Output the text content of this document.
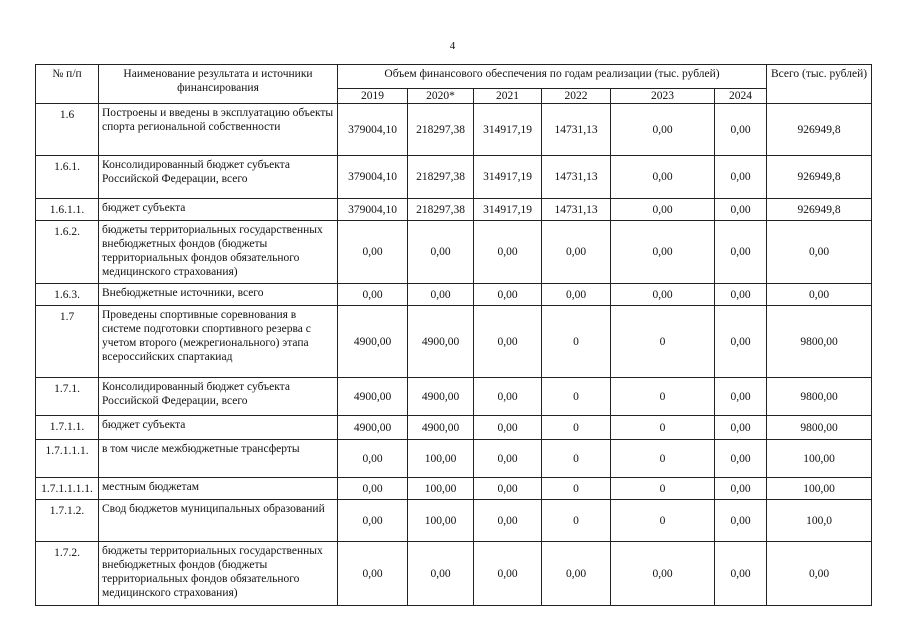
4
№ п/п	Наименование результата и источники финансирования	Объем финансового обеспечения по годам реализации (тыс. рублей)						Всего (тыс. рублей)
		2019	2020*	2021	2022	2023	2024	
1.6	Построены и введены в эксплуатацию объекты спорта региональной собственности	379004,10	218297,38	314917,19	14731,13	0,00	0,00	926949,8
1.6.1.	Консолидированный бюджет субъекта Российской Федерации, всего	379004,10	218297,38	314917,19	14731,13	0,00	0,00	926949,8
1.6.1.1.	бюджет субъекта	379004,10	218297,38	314917,19	14731,13	0,00	0,00	926949,8
1.6.2.	бюджеты территориальных государственных внебюджетных фондов (бюджеты территориальных фондов обязательного медицинского страхования)	0,00	0,00	0,00	0,00	0,00	0,00	0,00
1.6.3.	Внебюджетные источники, всего	0,00	0,00	0,00	0,00	0,00	0,00	0,00
1.7	Проведены спортивные соревнования в системе подготовки спортивного резерва с учетом второго (межрегионального) этапа всероссийских спартакиад	4900,00	4900,00	0,00	0	0	0,00	9800,00
1.7.1.	Консолидированный бюджет субъекта Российской Федерации, всего	4900,00	4900,00	0,00	0	0	0,00	9800,00
1.7.1.1.	бюджет субъекта	4900,00	4900,00	0,00	0	0	0,00	9800,00
1.7.1.1.1.	в том числе межбюджетные трансферты	0,00	100,00	0,00	0	0	0,00	100,00
1.7.1.1.1.1.	местным бюджетам	0,00	100,00	0,00	0	0	0,00	100,00
1.7.1.2.	Свод бюджетов муниципальных образований	0,00	100,00	0,00	0	0	0,00	100,0
1.7.2.	бюджеты территориальных государственных внебюджетных фондов (бюджеты территориальных фондов обязательного медицинского страхования)	0,00	0,00	0,00	0,00	0,00	0,00	0,00
